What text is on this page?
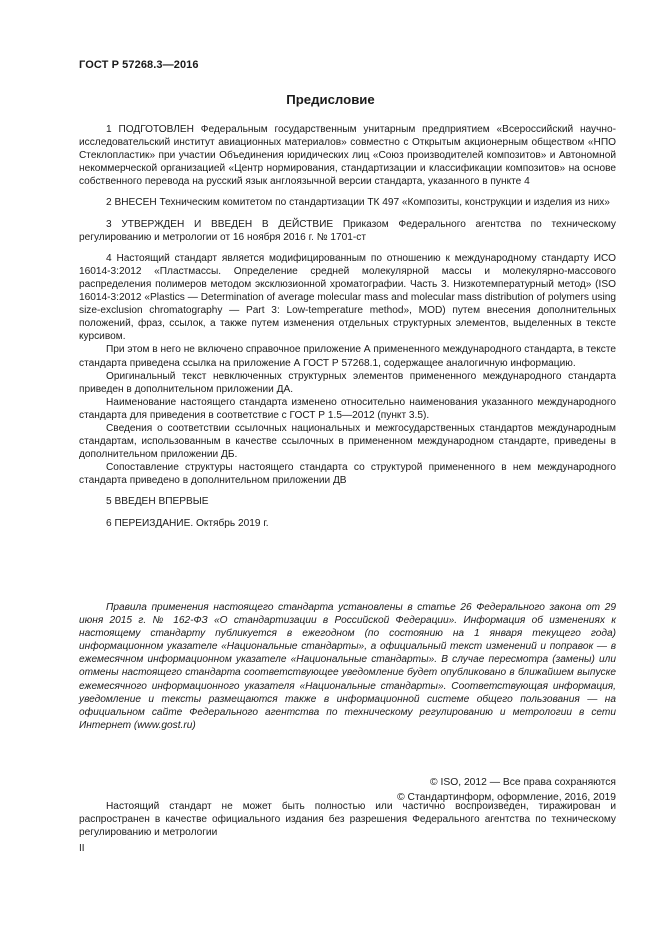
ГОСТ Р 57268.3—2016
Предисловие

1 ПОДГОТОВЛЕН Федеральным государственным унитарным предприятием «Всероссийский научно-исследовательский институт авиационных материалов» совместно с Открытым акционерным обществом «НПО Стеклопластик» при участии Объединения юридических лиц «Союз производителей композитов» и Автономной некоммерческой организацией «Центр нормирования, стандартизации и классификации композитов» на основе собственного перевода на русский язык англоязычной версии стандарта, указанного в пункте 4

2 ВНЕСЕН Техническим комитетом по стандартизации ТК 497 «Композиты, конструкции и изделия из них»

3 УТВЕРЖДЕН И ВВЕДЕН В ДЕЙСТВИЕ Приказом Федерального агентства по техническому регулированию и метрологии от 16 ноября 2016 г. № 1701-ст

4 Настоящий стандарт является модифицированным по отношению к международному стандарту ИСО 16014-3:2012 «Пластмассы. Определение средней молекулярной массы и молекулярно-массового распределения полимеров методом эксклюзионной хроматографии. Часть 3. Низкотемпературный метод» (ISO 16014-3:2012 «Plastics — Determination of average molecular mass and molecular mass distribution of polymers using size-exclusion chromatography — Part 3: Low-temperature method», MOD) путем внесения дополнительных положений, фраз, ссылок, а также путем изменения отдельных структурных элементов, выделенных в тексте курсивом.

При этом в него не включено справочное приложение А примененного международного стандарта, в тексте стандарта приведена ссылка на приложение А ГОСТ Р 57268.1, содержащее аналогичную информацию.

Оригинальный текст невключенных структурных элементов примененного международного стандарта приведен в дополнительном приложении ДА.

Наименование настоящего стандарта изменено относительно наименования указанного международного стандарта для приведения в соответствие с ГОСТ Р 1.5—2012 (пункт 3.5).

Сведения о соответствии ссылочных национальных и межгосударственных стандартов международным стандартам, использованным в качестве ссылочных в примененном международном стандарте, приведены в дополнительном приложении ДБ.

Сопоставление структуры настоящего стандарта со структурой примененного в нем международного стандарта приведено в дополнительном приложении ДВ

5 ВВЕДЕН ВПЕРВЫЕ

6 ПЕРЕИЗДАНИЕ. Октябрь 2019 г.

Правила применения настоящего стандарта установлены в статье 26 Федерального закона от 29 июня 2015 г. № 162-ФЗ «О стандартизации в Российской Федерации». Информация об изменениях к настоящему стандарту публикуется в ежегодном (по состоянию на 1 января текущего года) информационном указателе «Национальные стандарты», а официальный текст изменений и поправок — в ежемесячном информационном указателе «Национальные стандарты». В случае пересмотра (замены) или отмены настоящего стандарта соответствующее уведомление будет опубликовано в ближайшем выпуске ежемесячного информационного указателя «Национальные стандарты». Соответствующая информация, уведомление и тексты размещаются также в информационной системе общего пользования — на официальном сайте Федерального агентства по техническому регулированию и метрологии в сети Интернет (www.gost.ru)

© ISO, 2012 — Все права сохраняются
© Стандартинформ, оформление, 2016, 2019

Настоящий стандарт не может быть полностью или частично воспроизведен, тиражирован и распространен в качестве официального издания без разрешения Федерального агентства по техническому регулированию и метрологии

II
